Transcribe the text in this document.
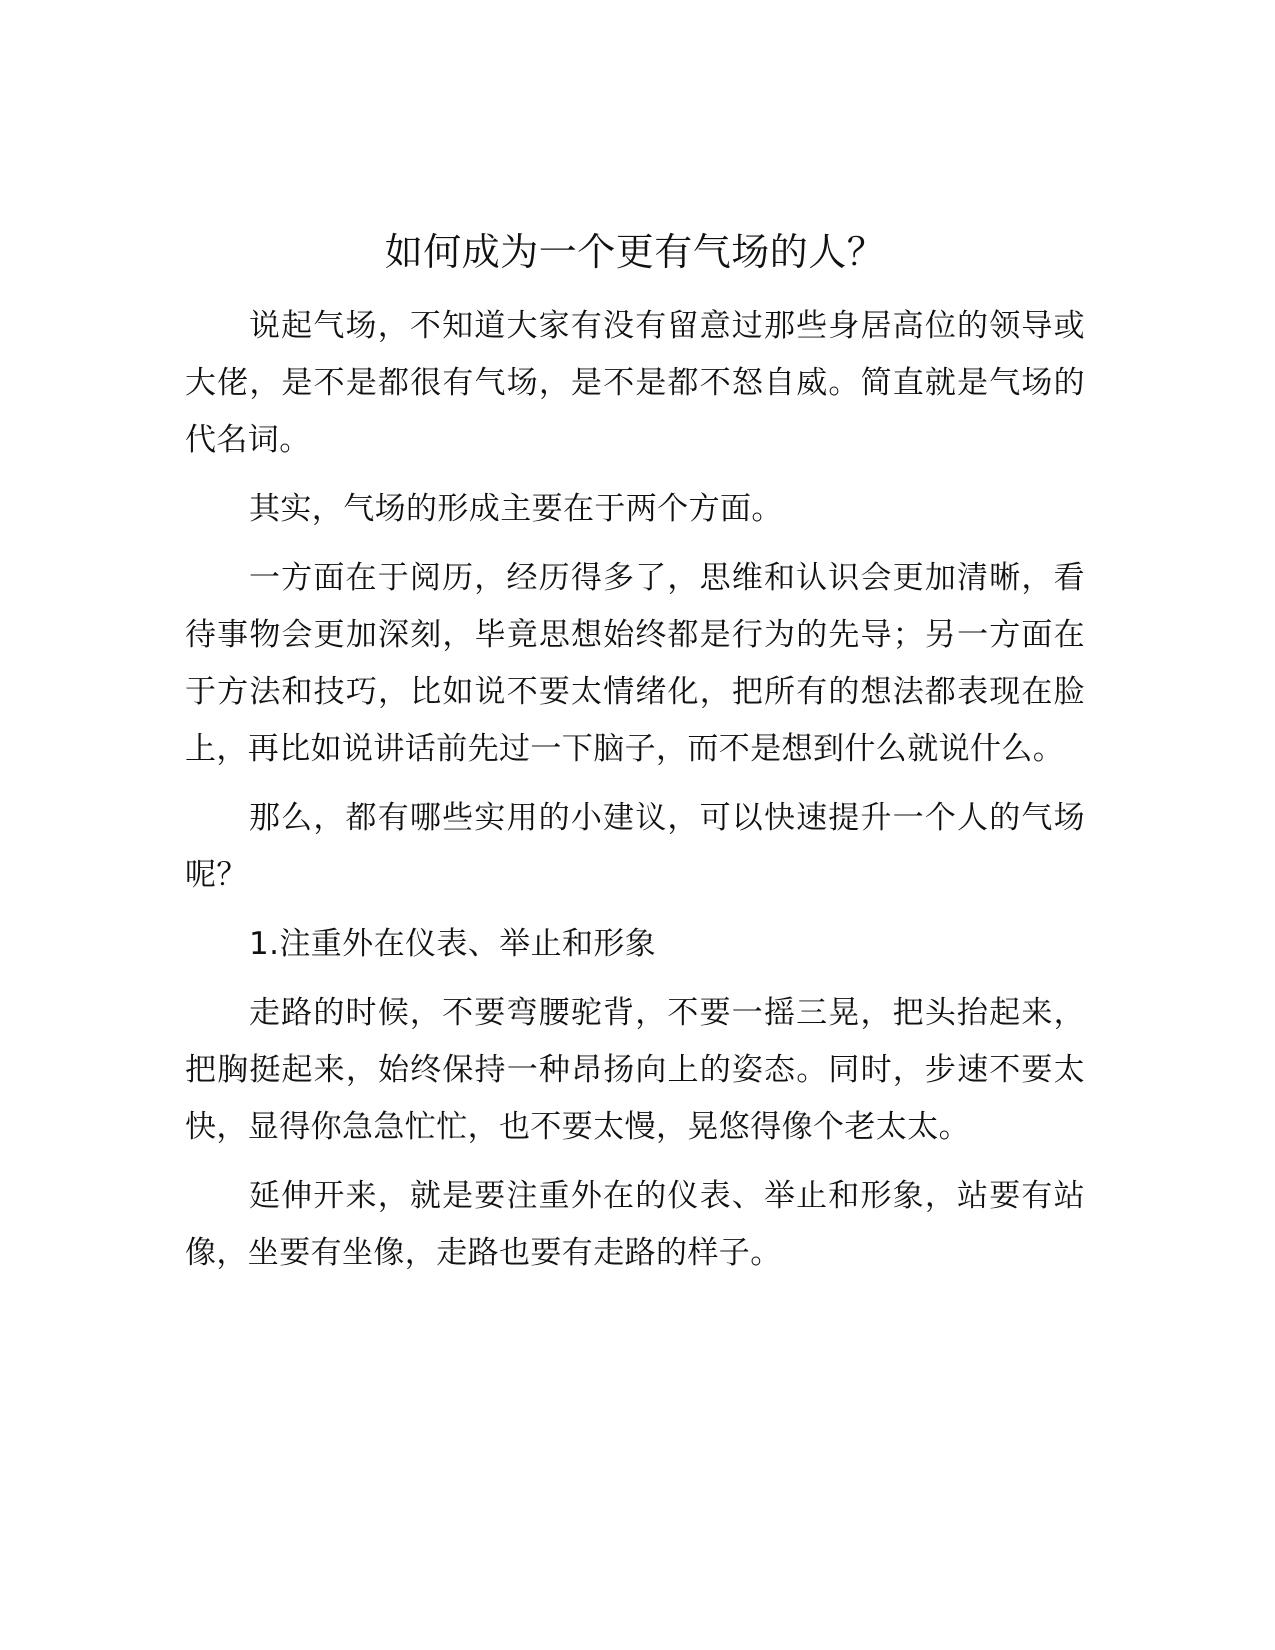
如何成为一个更有气场的人？

说起气场，不知道大家有没有留意过那些身居高位的领导或大佬，是不是都很有气场，是不是都不怒自威。简直就是气场的代名词。

其实，气场的形成主要在于两个方面。

一方面在于阅历，经历得多了，思维和认识会更加清晰，看待事物会更加深刻，毕竟思想始终都是行为的先导；另一方面在于方法和技巧，比如说不要太情绪化，把所有的想法都表现在脸上，再比如说讲话前先过一下脑子，而不是想到什么就说什么。

那么，都有哪些实用的小建议，可以快速提升一个人的气场呢？

1.注重外在仪表、举止和形象

走路的时候，不要弯腰驼背，不要一摇三晃，把头抬起来，把胸挺起来，始终保持一种昂扬向上的姿态。同时，步速不要太快，显得你急急忙忙，也不要太慢，晃悠得像个老太太。

延伸开来，就是要注重外在的仪表、举止和形象，站要有站像，坐要有坐像，走路也要有走路的样子。
